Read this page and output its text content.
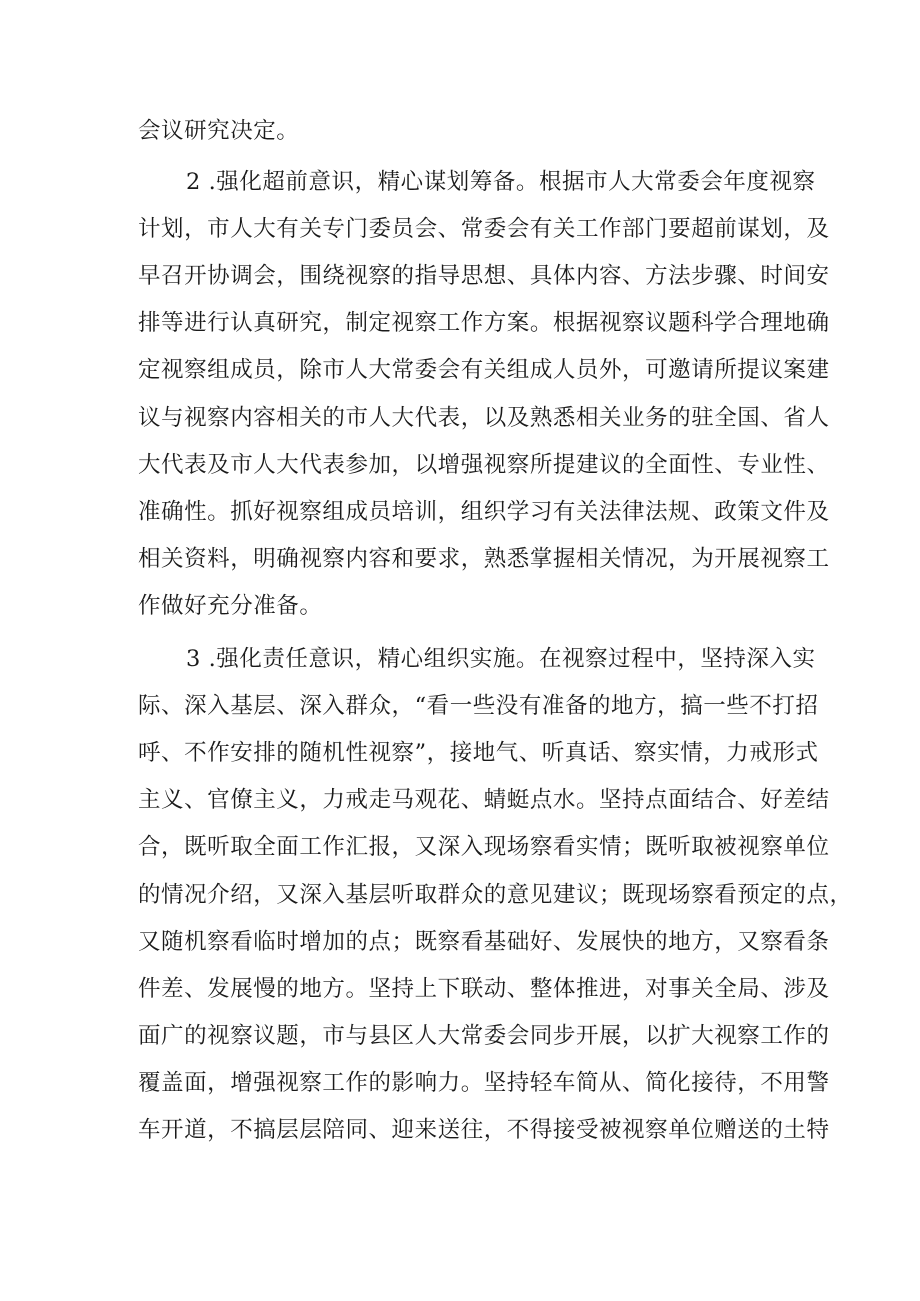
会议研究决定。
2 .强化超前意识，精心谋划筹备。根据市人大常委会年度视察
计划，市人大有关专门委员会、常委会有关工作部门要超前谋划，及
早召开协调会，围绕视察的指导思想、具体内容、方法步骤、时间安
排等进行认真研究，制定视察工作方案。根据视察议题科学合理地确
定视察组成员，除市人大常委会有关组成人员外，可邀请所提议案建
议与视察内容相关的市人大代表，以及熟悉相关业务的驻全国、省人
大代表及市人大代表参加，以增强视察所提建议的全面性、专业性、
准确性。抓好视察组成员培训，组织学习有关法律法规、政策文件及
相关资料，明确视察内容和要求，熟悉掌握相关情况，为开展视察工
作做好充分准备。
3 .强化责任意识，精心组织实施。在视察过程中，坚持深入实
际、深入基层、深入群众，“看一些没有准备的地方，搞一些不打招
呼、不作安排的随机性视察”，接地气、听真话、察实情，力戒形式
主义、官僚主义，力戒走马观花、蜻蜓点水。坚持点面结合、好差结
合，既听取全面工作汇报，又深入现场察看实情；既听取被视察单位
的情况介绍，又深入基层听取群众的意见建议；既现场察看预定的点，
又随机察看临时增加的点；既察看基础好、发展快的地方，又察看条
件差、发展慢的地方。坚持上下联动、整体推进，对事关全局、涉及
面广的视察议题，市与县区人大常委会同步开展，以扩大视察工作的
覆盖面，增强视察工作的影响力。坚持轻车简从、简化接待，不用警
车开道，不搞层层陪同、迎来送往，不得接受被视察单位赠送的土特
